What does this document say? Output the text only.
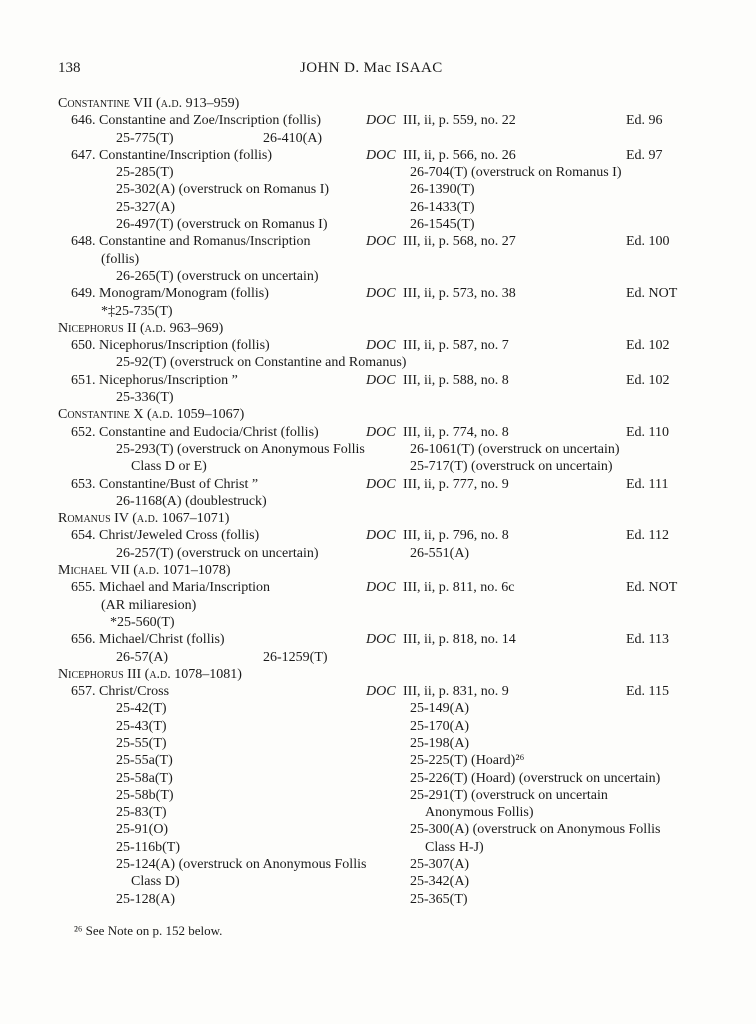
138	JOHN D. Mac ISAAC
Constantine VII (a.d. 913–959)
646. Constantine and Zoe/Inscription (follis)	DOC III, ii, p. 559, no. 22	Ed. 96
25-775(T)	26-410(A)
647. Constantine/Inscription (follis)	DOC III, ii, p. 566, no. 26	Ed. 97
25-285(T)	26-704(T) (overstruck on Romanus I)
25-302(A) (overstruck on Romanus I)	26-1390(T)
25-327(A)	26-1433(T)
26-497(T) (overstruck on Romanus I)	26-1545(T)
648. Constantine and Romanus/Inscription	DOC III, ii, p. 568, no. 27	Ed. 100
(follis)
26-265(T) (overstruck on uncertain)
649. Monogram/Monogram (follis)	DOC III, ii, p. 573, no. 38	Ed. NOT
*‡25-735(T)
Nicephorus II (a.d. 963–969)
650. Nicephorus/Inscription (follis)	DOC III, ii, p. 587, no. 7	Ed. 102
25-92(T) (overstruck on Constantine and Romanus)
651. Nicephorus/Inscription ”	DOC III, ii, p. 588, no. 8	Ed. 102
25-336(T)
Constantine X (a.d. 1059–1067)
652. Constantine and Eudocia/Christ (follis)	DOC III, ii, p. 774, no. 8	Ed. 110
25-293(T) (overstruck on Anonymous Follis	26-1061(T) (overstruck on uncertain)
Class D or E)	25-717(T) (overstruck on uncertain)
653. Constantine/Bust of Christ ”	DOC III, ii, p. 777, no. 9	Ed. 111
26-1168(A) (doublestruck)
Romanus IV (a.d. 1067–1071)
654. Christ/Jeweled Cross (follis)	DOC III, ii, p. 796, no. 8	Ed. 112
26-257(T) (overstruck on uncertain)	26-551(A)
Michael VII (a.d. 1071–1078)
655. Michael and Maria/Inscription	DOC III, ii, p. 811, no. 6c	Ed. NOT
(AR miliaresion)
*25-560(T)
656. Michael/Christ (follis)	DOC III, ii, p. 818, no. 14	Ed. 113
26-57(A)	26-1259(T)
Nicephorus III (a.d. 1078–1081)
657. Christ/Cross	DOC III, ii, p. 831, no. 9	Ed. 115
25-42(T)	25-149(A)
25-43(T)	25-170(A)
25-55(T)	25-198(A)
25-55a(T)	25-225(T) (Hoard)²⁶
25-58a(T)	25-226(T) (Hoard) (overstruck on uncertain)
25-58b(T)	25-291(T) (overstruck on uncertain
25-83(T)	Anonymous Follis)
25-91(O)	25-300(A) (overstruck on Anonymous Follis
25-116b(T)	Class H-J)
25-124(A) (overstruck on Anonymous Follis	25-307(A)
Class D)	25-342(A)
25-128(A)	25-365(T)
²⁶ See Note on p. 152 below.
